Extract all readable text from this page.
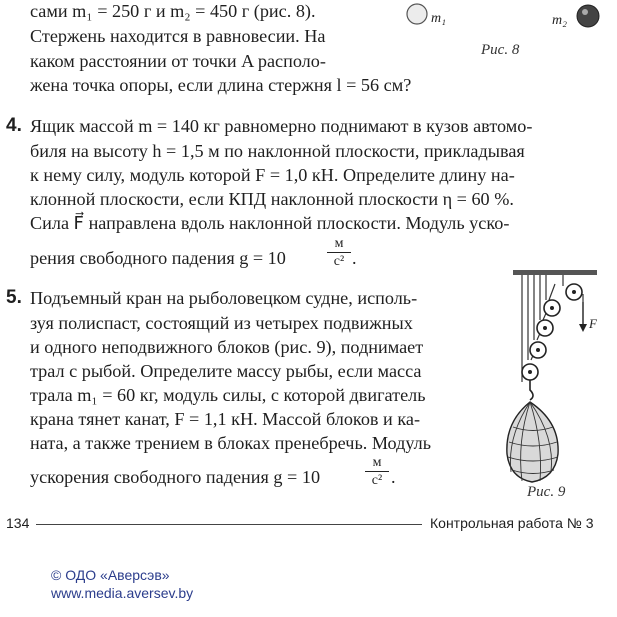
сами m₁ = 250 г и m₂ = 450 г (рис. 8).
Стержень находится в равновесии. На
каком расстоянии от точки A располо-
жена точка опоры, если длина стержня l = 56 см?
m₁	m₂
Рис. 8
4. Ящик массой m = 140 кг равномерно поднимают в кузов автомо-
биля на высоту h = 1,5 м по наклонной плоскости, прикладывая
к нему силу, модуль которой F = 1,0 кН. Определите длину на-
клонной плоскости, если КПД наклонной плоскости η = 60 %.
Сила F⃗ направлена вдоль наклонной плоскости. Модуль уско-
рения свободного падения g = 10
м
с² .
5. Подъемный кран на рыболовецком судне, исполь-
зуя полиспаст, состоящий из четырех подвижных
и одного неподвижного блоков (рис. 9), поднимает
трал с рыбой. Определите массу рыбы, если масса
трала m₁ = 60 кг, модуль силы, с которой двигатель
крана тянет канат, F = 1,1 кН. Массой блоков и ка-
ната, а также трением в блоках пренебречь. Модуль
ускорения свободного падения g = 10
м
с² .
F⃗
Рис. 9
134	Контрольная работа № 3
© ОДО «Аверсэв»
www.media.aversev.by
